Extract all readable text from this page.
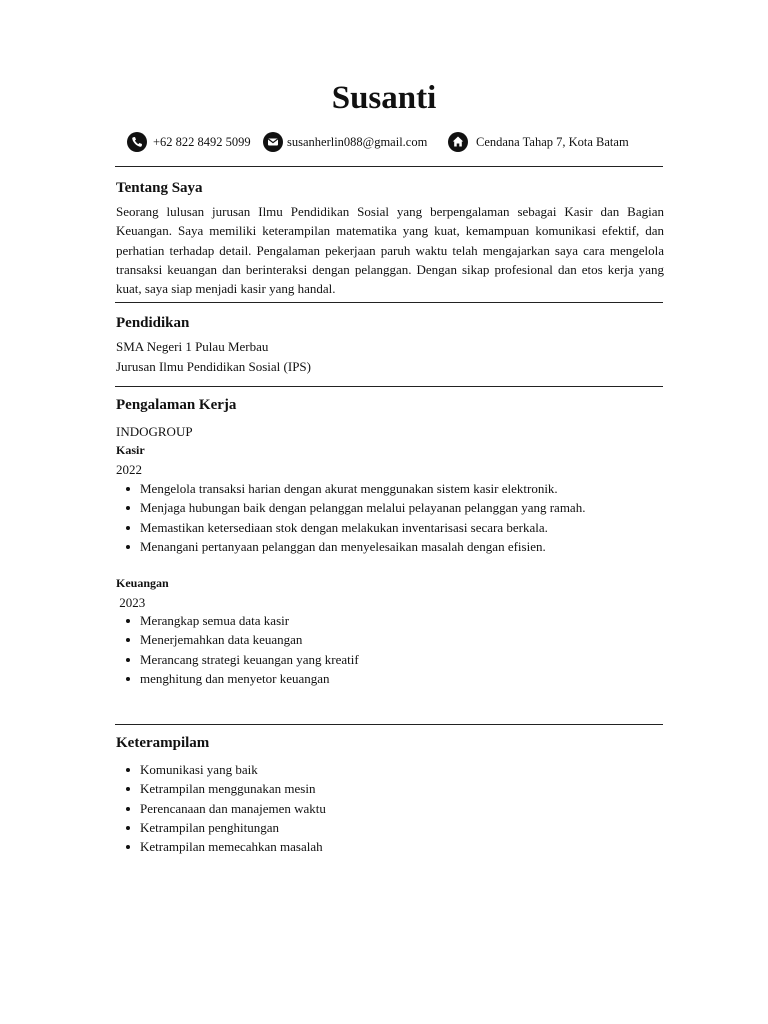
Susanti
+62 822 8492 5099	susanherlin088@gmail.com	Cendana Tahap 7, Kota Batam
Tentang Saya
Seorang lulusan jurusan Ilmu Pendidikan Sosial yang berpengalaman sebagai Kasir dan Bagian Keuangan. Saya memiliki keterampilan matematika yang kuat, kemampuan komunikasi efektif, dan perhatian terhadap detail. Pengalaman pekerjaan paruh waktu telah mengajarkan saya cara mengelola transaksi keuangan dan berinteraksi dengan pelanggan. Dengan sikap profesional dan etos kerja yang kuat, saya siap menjadi kasir yang handal.
Pendidikan
SMA Negeri 1 Pulau Merbau
Jurusan Ilmu Pendidikan Sosial (IPS)
Pengalaman Kerja
INDOGROUP
Kasir
2022
Mengelola transaksi harian dengan akurat menggunakan sistem kasir elektronik.
Menjaga hubungan baik dengan pelanggan melalui pelayanan pelanggan yang ramah.
Memastikan ketersediaan stok dengan melakukan inventarisasi secara berkala.
Menangani pertanyaan pelanggan dan menyelesaikan masalah dengan efisien.
Keuangan
2023
Merangkap semua data kasir
Menerjemahkan data keuangan
Merancang strategi keuangan yang kreatif
menghitung dan menyetor keuangan
Keterampilam
Komunikasi yang baik
Ketrampilan menggunakan mesin
Perencanaan dan manajemen waktu
Ketrampilan penghitungan
Ketrampilan memecahkan masalah
